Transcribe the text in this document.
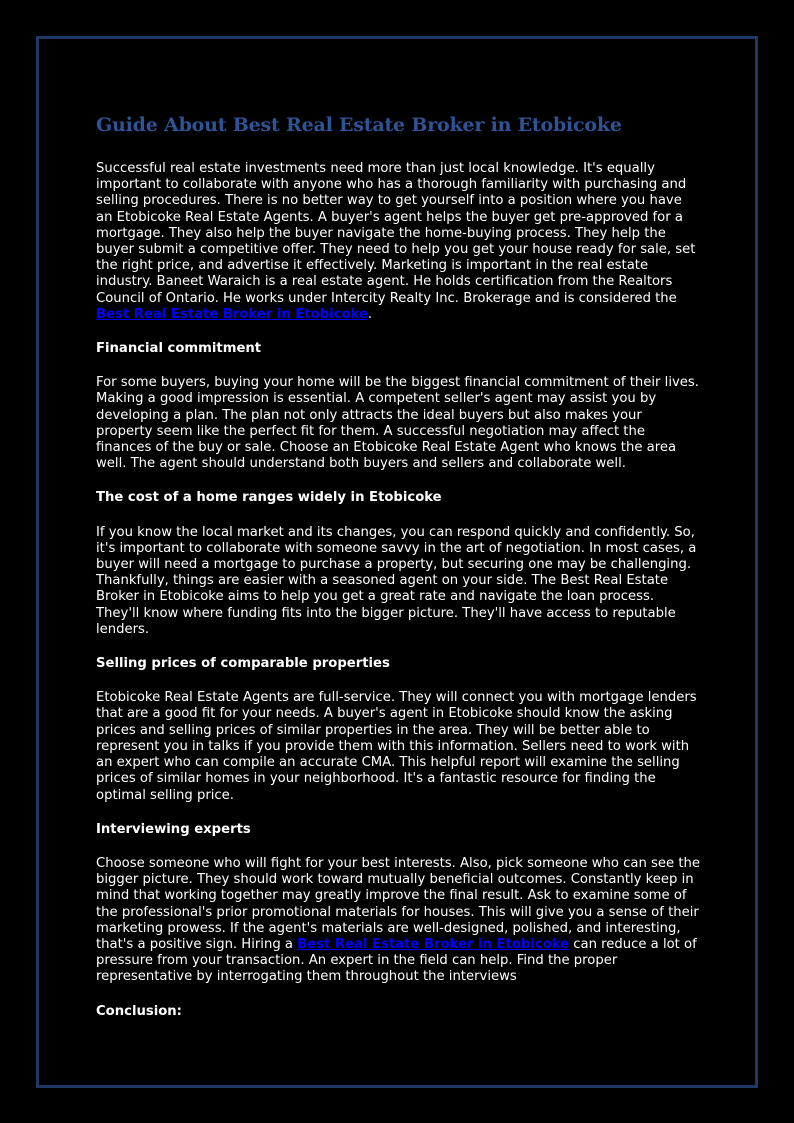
Guide About Best Real Estate Broker in Etobicoke

Successful real estate investments need more than just local knowledge. It's equally important to collaborate with anyone who has a thorough familiarity with purchasing and selling procedures. There is no better way to get yourself into a position where you have an Etobicoke Real Estate Agents. A buyer's agent helps the buyer get pre-approved for a mortgage. They also help the buyer navigate the home-buying process. They help the buyer submit a competitive offer. They need to help you get your house ready for sale, set the right price, and advertise it effectively. Marketing is important in the real estate industry. Baneet Waraich is a real estate agent. He holds certification from the Realtors Council of Ontario. He works under Intercity Realty Inc. Brokerage and is considered the Best Real Estate Broker in Etobicoke.

Financial commitment

For some buyers, buying your home will be the biggest financial commitment of their lives. Making a good impression is essential. A competent seller's agent may assist you by developing a plan. The plan not only attracts the ideal buyers but also makes your property seem like the perfect fit for them. A successful negotiation may affect the finances of the buy or sale. Choose an Etobicoke Real Estate Agent who knows the area well. The agent should understand both buyers and sellers and collaborate well.

The cost of a home ranges widely in Etobicoke

If you know the local market and its changes, you can respond quickly and confidently. So, it's important to collaborate with someone savvy in the art of negotiation. In most cases, a buyer will need a mortgage to purchase a property, but securing one may be challenging. Thankfully, things are easier with a seasoned agent on your side. The Best Real Estate Broker in Etobicoke aims to help you get a great rate and navigate the loan process. They'll know where funding fits into the bigger picture. They'll have access to reputable lenders.

Selling prices of comparable properties

Etobicoke Real Estate Agents are full-service. They will connect you with mortgage lenders that are a good fit for your needs. A buyer's agent in Etobicoke should know the asking prices and selling prices of similar properties in the area. They will be better able to represent you in talks if you provide them with this information. Sellers need to work with an expert who can compile an accurate CMA. This helpful report will examine the selling prices of similar homes in your neighborhood. It's a fantastic resource for finding the optimal selling price.

Interviewing experts

Choose someone who will fight for your best interests. Also, pick someone who can see the bigger picture. They should work toward mutually beneficial outcomes. Constantly keep in mind that working together may greatly improve the final result. Ask to examine some of the professional's prior promotional materials for houses. This will give you a sense of their marketing prowess. If the agent's materials are well-designed, polished, and interesting, that's a positive sign. Hiring a Best Real Estate Broker in Etobicoke can reduce a lot of pressure from your transaction. An expert in the field can help. Find the proper representative by interrogating them throughout the interviews

Conclusion:
